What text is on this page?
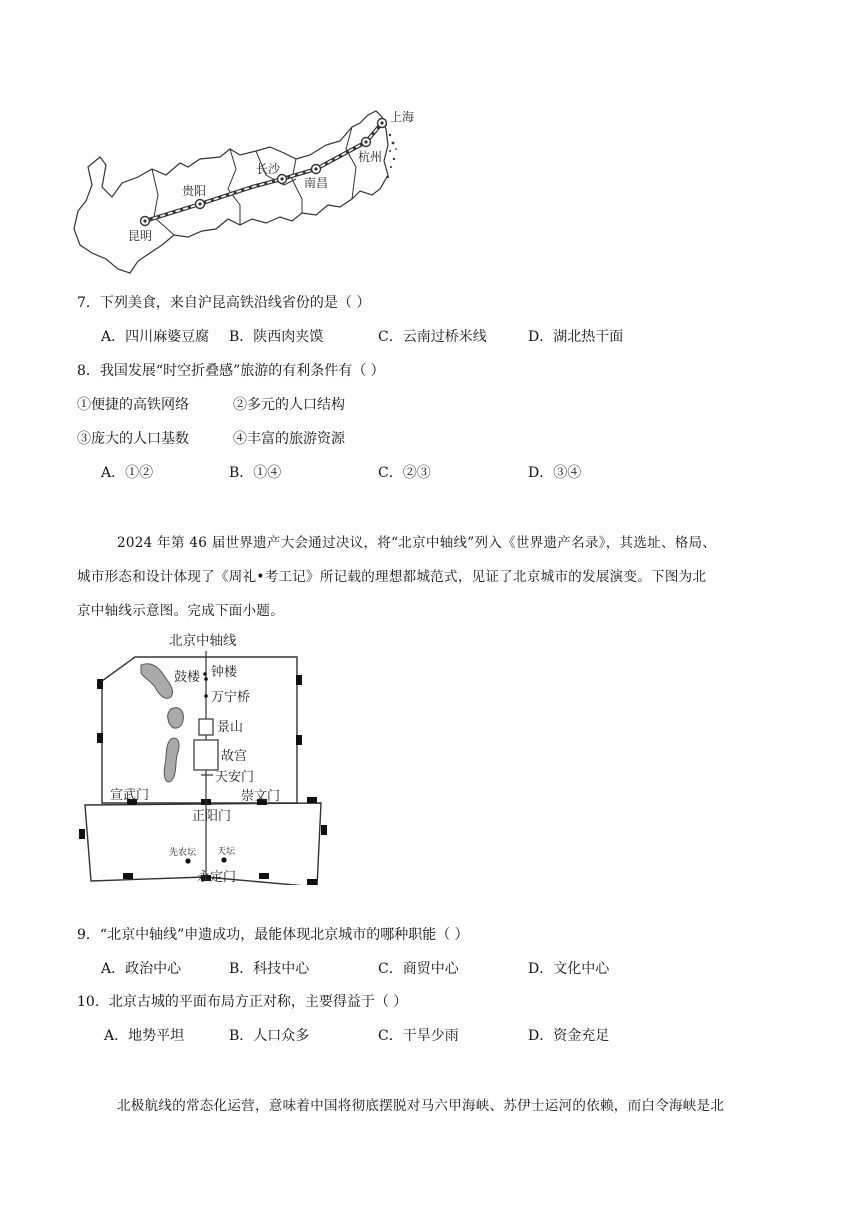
上海
杭州
南昌
长沙
贵阳
昆明
7．下列美食，来自沪昆高铁沿线省份的是（ ）
A．四川麻婆豆腐 B．陕西肉夹馍	C．云南过桥米线	D．湖北热干面
8．我国发展“时空折叠感”旅游的有利条件有（ ）
①便捷的高铁网络	②多元的人口结构
③庞大的人口基数	④丰富的旅游资源
A．①②	B．①④	C．②③	D．③④
2024 年第 46 届世界遗产大会通过决议，将“北京中轴线”列入《世界遗产名录》，其选址、格局、
城市形态和设计体现了《周礼•考工记》所记载的理想都城范式，见证了北京城市的发展演变。下图为北
京中轴线示意图。完成下面小题。
北京中轴线
鼓楼 钟楼
万宁桥
景山
故宫
天安门
宣武门	崇文门
正阳门
先农坛 天坛
永定门
9．“北京中轴线”申遗成功，最能体现北京城市的哪种职能（ ）
A．政治中心	B．科技中心	C．商贸中心	D．文化中心
10．北京古城的平面布局方正对称，主要得益于（ ）
A．地势平坦	B．人口众多	C．干旱少雨	D．资金充足
北极航线的常态化运营，意味着中国将彻底摆脱对马六甲海峡、苏伊士运河的依赖，而白令海峡是北
